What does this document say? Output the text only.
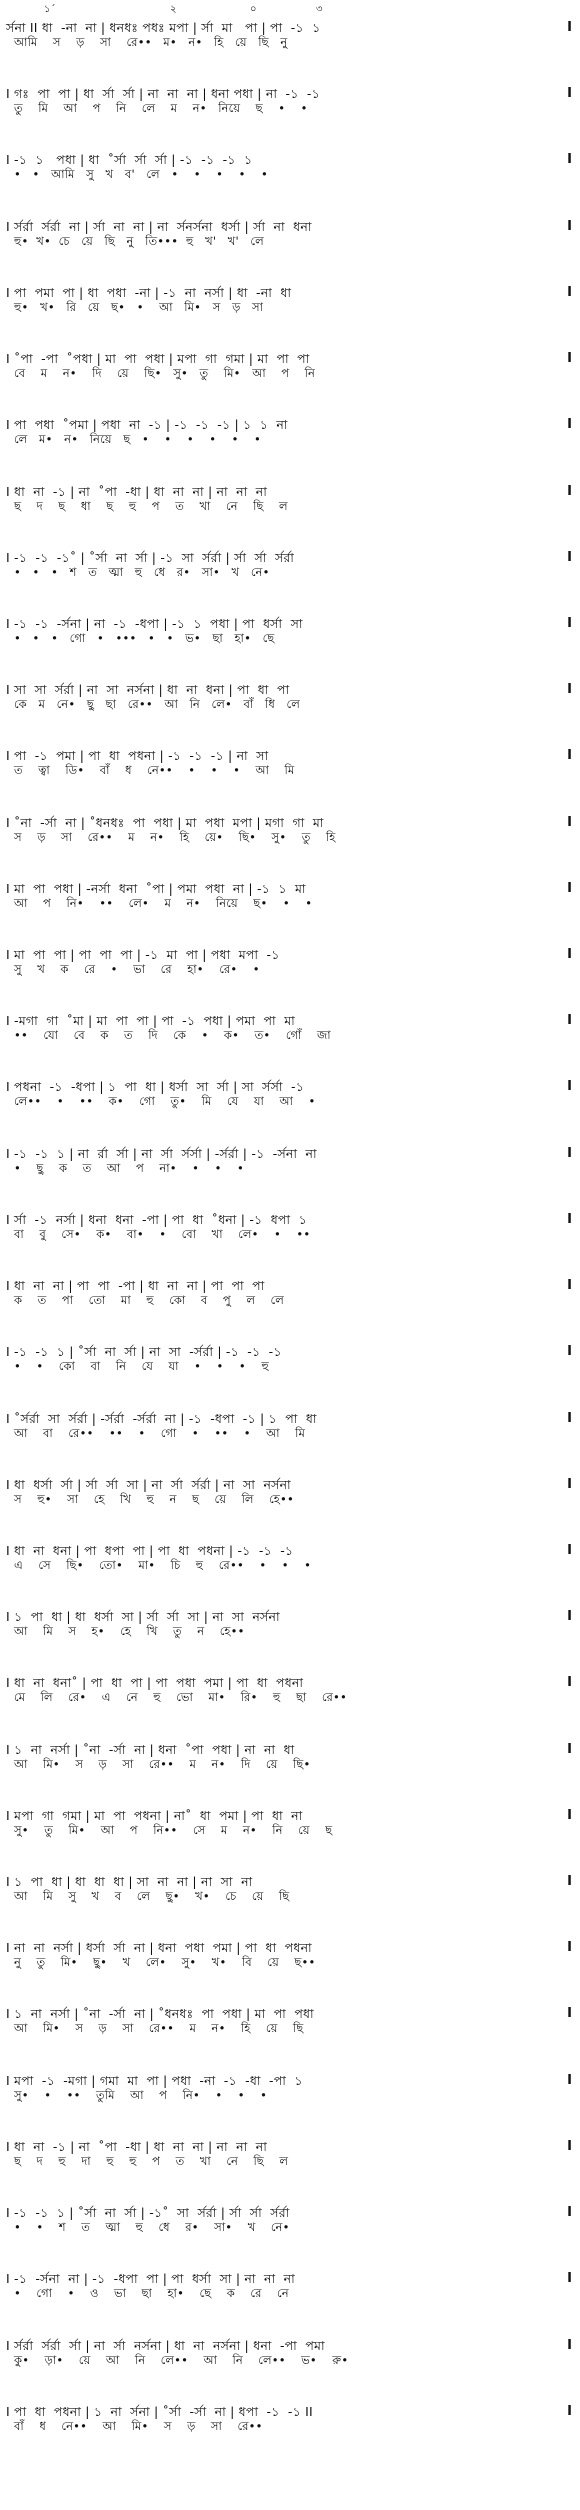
১´	২	৩
০
র্সনা II ধা  -না  না | ধনধঃ পধঃ মপা | র্সা  মা   পা | পা  -১  ১	I
আমি    স    ড়    সা    রে••   ম•   ন•   হি   য়ে   ছি   নু
I গঃ  পা  পা | ধা  র্সা  র্সা | না  না  না | ধনা পধা | না  -১  -১	I
তু    মি    আ    প    নি    লে    ম    ন•   নিয়ে    ছ    •    •
I -১  ১   পধা | ধা  ˚র্সা  র্সা  র্সা | -১  -১  -১  ১	I
•   •   আমি   সু   খ   ব'   লে   •    •    •    •    •
I র্সর্রা  র্সর্রা  না | র্সা  না  না | না  র্সনর্সনা  ধর্সা | র্সা  না  ধনা	I
হু•  খ•  চে   য়ে   ছি   নু   তি•••  হু   খ'   খ'   লে
I পা  পমা  পা | ধা  পধা  -না | -১  না  নর্সা | ধা  -না  ধা	I
হু•   খ•   রি   য়ে   ছ•   •    আ   মি•   স   ড়   সা
I ˚পা  -পা  ˚পধা | মা  পা  পধা | মপা  গা  গমা | মা  পা  পা	I
বে    ম    ন•    দি    য়ে    ছি•   সু•   তু    মি•   আ    প    নি
I পা  পধা  ˚পমা | পধা  না  -১ | -১  -১  -১ | ১  ১  না	I
লে   ম•   ন•   নিয়ে   ছ   •    •    •    •    •    •
I ধা  না  -১ | না  ˚পা  -ধা | ধা  না  না | না  না  না	I
ছ    দ    ছ    ধা    ছ    হু    প    ত    খা    নে    ছি    ল
I -১  -১  -১˚ | ˚র্সা  না  র্সা | -১  সা  র্সর্রা | র্সা  র্সা  র্সর্রা	I
•   •   •   শ   ত   ত্মা   হু   ধে   র•   সা•   খ   নে•
I -১  -১  -র্সনা | না  -১  -ধপা | -১  ১  পধা | পা  ধর্সা  সা	I
•   •   •   গো   •   •••   •   •   ভ•   ছা   হা•   ছে
I সা  সা  র্সর্রা | না  সা  নর্সনা | ধা  না  ধনা | পা  ধা  পা	I
কে   ম   নে•   ছু   ছা   রে••   আ   নি   লে•   বাঁ   ধি   লে
I পা  -১  পমা | পা  ধা  পধনা | -১  -১  -১ | না  সা	I
ত    ত্বা    ডি•    বাঁ    ধ    নে••    •    •    •    আ    মি
I ˚না  -র্সা  না | ˚ধনধঃ  পা  পধা | মা  পধা  মপা | মগা  গা  মা	I
স    ড়    সা    রে••    ম    ন•    হি    য়ে•    ছি•    সু•    তু    হি
I মা  পা  পধা | -নর্সা  ধনা  ˚পা | পমা  পধা  না | -১  ১  মা	I
আ    প    নি•    ••    লে•    ম    ন•    নিয়ে    ছ•    •    •
I মা  পা  পা | পা  পা  পা | -১  মা  পা | পধা  মপা  -১	I
সু    খ    ক    রে    •    ভা    রে    হা•    রে•    •
I -মগা  গা  ˚মা | মা  পা  পা | পা  -১  পধা | পমা  পা  মা	I
••    যো    বে    ক    ত    দি    কে    •    ক•    ত•    গোঁ    জা
I পধনা  -১  -ধপা | ১  পা  ধা | ধর্সা  সা  র্সা | সা  র্সর্সা  -১	I
লে••    •    ••    ক•    গো    তু•    মি    যে    যা    আ    •
I -১  -১  ১ | না  র্রা  র্সা | না  র্সা  র্সর্সা | -র্সর্রা | -১  -র্সনা  না	I
•    ছু    ক    ত    আ    প    না•    •    •    •
I র্সা  -১  নর্সা | ধনা  ধনা  -পা | পা  ধা  ˚ধনা | -১  ধপা  ১	I
বা    বু    সে•    ক•    বা•    •    বো    খা    লে•    •    ••
I ধা  না  না | পা  পা  -পা | ধা  না  না | পা  পা  পা	I
ক    ত    পা    তো    মা    হু    কো    ব    পু    ল    লে
I -১  -১  ১ | ˚র্সা  না  র্সা | না  সা  -র্সর্রা | -১  -১  -১	I
•    •    কো    বা    নি    যে    যা    •    •    •    হু
I ˚র্সর্রা  সা  র্সর্রা | -র্সর্রা  -র্সর্রা  না | -১  -ধপা  -১ | ১  পা  ধা	I
আ    বা    রে••    ••    •    গো    •    ••    •    আ    মি
I ধা  ধর্সা  র্সা | র্সা  র্সা  সা | না  র্সা  র্সর্রা | না  সা  নর্সনা	I
স    হু•    সা    হে    খি    হু    ন    ছ    য়ে    লি    হে••
I ধা  না  ধনা | পা  ধপা  পা | পা  ধা  পধনা | -১  -১  -১	I
এ    সে    ছি•    তো•    মা•    চি    হু    রে••    •    •    •
I ১  পা  ধা | ধা  ধর্সা  সা | র্সা  র্সা  সা | না  সা  নর্সনা	I
আ    মি    স    হ•    হে    খি    তু    ন    হে••
I ধা  না  ধনা˚ | পা  ধা  পা | পা  পধা  পমা | পা  ধা  পধনা	I
মে    লি    রে•    এ    নে    হু    ভো    মা•    রি•    হু    ছা    রে••
I ১  না  নর্সা | ˚না  -র্সা  না | ধনা  ˚পা  পধা | না  না  ধা	I
আ    মি•    স    ড়    সা    রে••    ম    ন•    দি    য়ে    ছি•
I মপা  গা  গমা | মা  পা  পধনা | না˚  ধা  পমা | পা  ধা  না	I
সু•    তু    মি•    আ    প    নি••    সে    ম    ন•    নি    য়ে    ছ
I ১  পা  ধা | ধা  ধা  ধা | সা  না  না | না  সা  না	I
আ    মি    সু    খ    ব    লে    ছু•    খ•    চে    য়ে    ছি
I না  না  নর্সা | ধর্সা  র্সা  না | ধনা  পধা  পমা | পা  ধা  পধনা	I
নু    তু    মি•    ছু•    খ    লে•    সু•    খ•    বি    য়ে    ছ••
I ১  না  নর্সা | ˚না  -র্সা  না | ˚ধনধঃ  পা  পধা | মা  পা  পধা	I
আ    মি•    স    ড়    সা    রে••    ম    ন•    হি    য়ে    ছি
I মপা  -১  -মগা | গমা  মা  পা | পধা  -না  -১  -ধা  -পা  ১	I
সু•    •    ••    তুমি    আ    প    নি•    •    •    •
I ধা  না  -১ | না  ˚পা  -ধা | ধা  না  না | না  না  না	I
ছ    দ    হু    দা    হু    হু    প    ত    খা    নে    ছি    ল
I -১  -১  ১ | ˚র্সা  না  র্সা | -১˚  সা  র্সর্রা | র্সা  র্সা  র্সর্রা	I
•    •    শ    ত    ত্মা    হু    ধে    র•    সা•    খ    নে•
I -১  -র্সনা  না | -১  -ধপা  পা | পা  ধর্সা  সা | না  না  না	I
•    গো    •    ও    ভা    ছা    হা•    ছে    ক    রে    নে
I র্সর্রা  র্সর্রা  র্সা | না  র্সা  নর্সনা | ধা  না  নর্সনা | ধনা  -পা  পমা	I
কু•    ড়া•    য়ে    আ    নি    লে••    আ    নি    লে••    ভ•    রু•
I পা  ধা  পধনা | ১  না  র্সনা | ˚র্সা  -র্সা  না | ধপা  -১  -১ II	I
বাঁ    ধ    নে••    আ    মি•    স    ড়    সা    রে••
